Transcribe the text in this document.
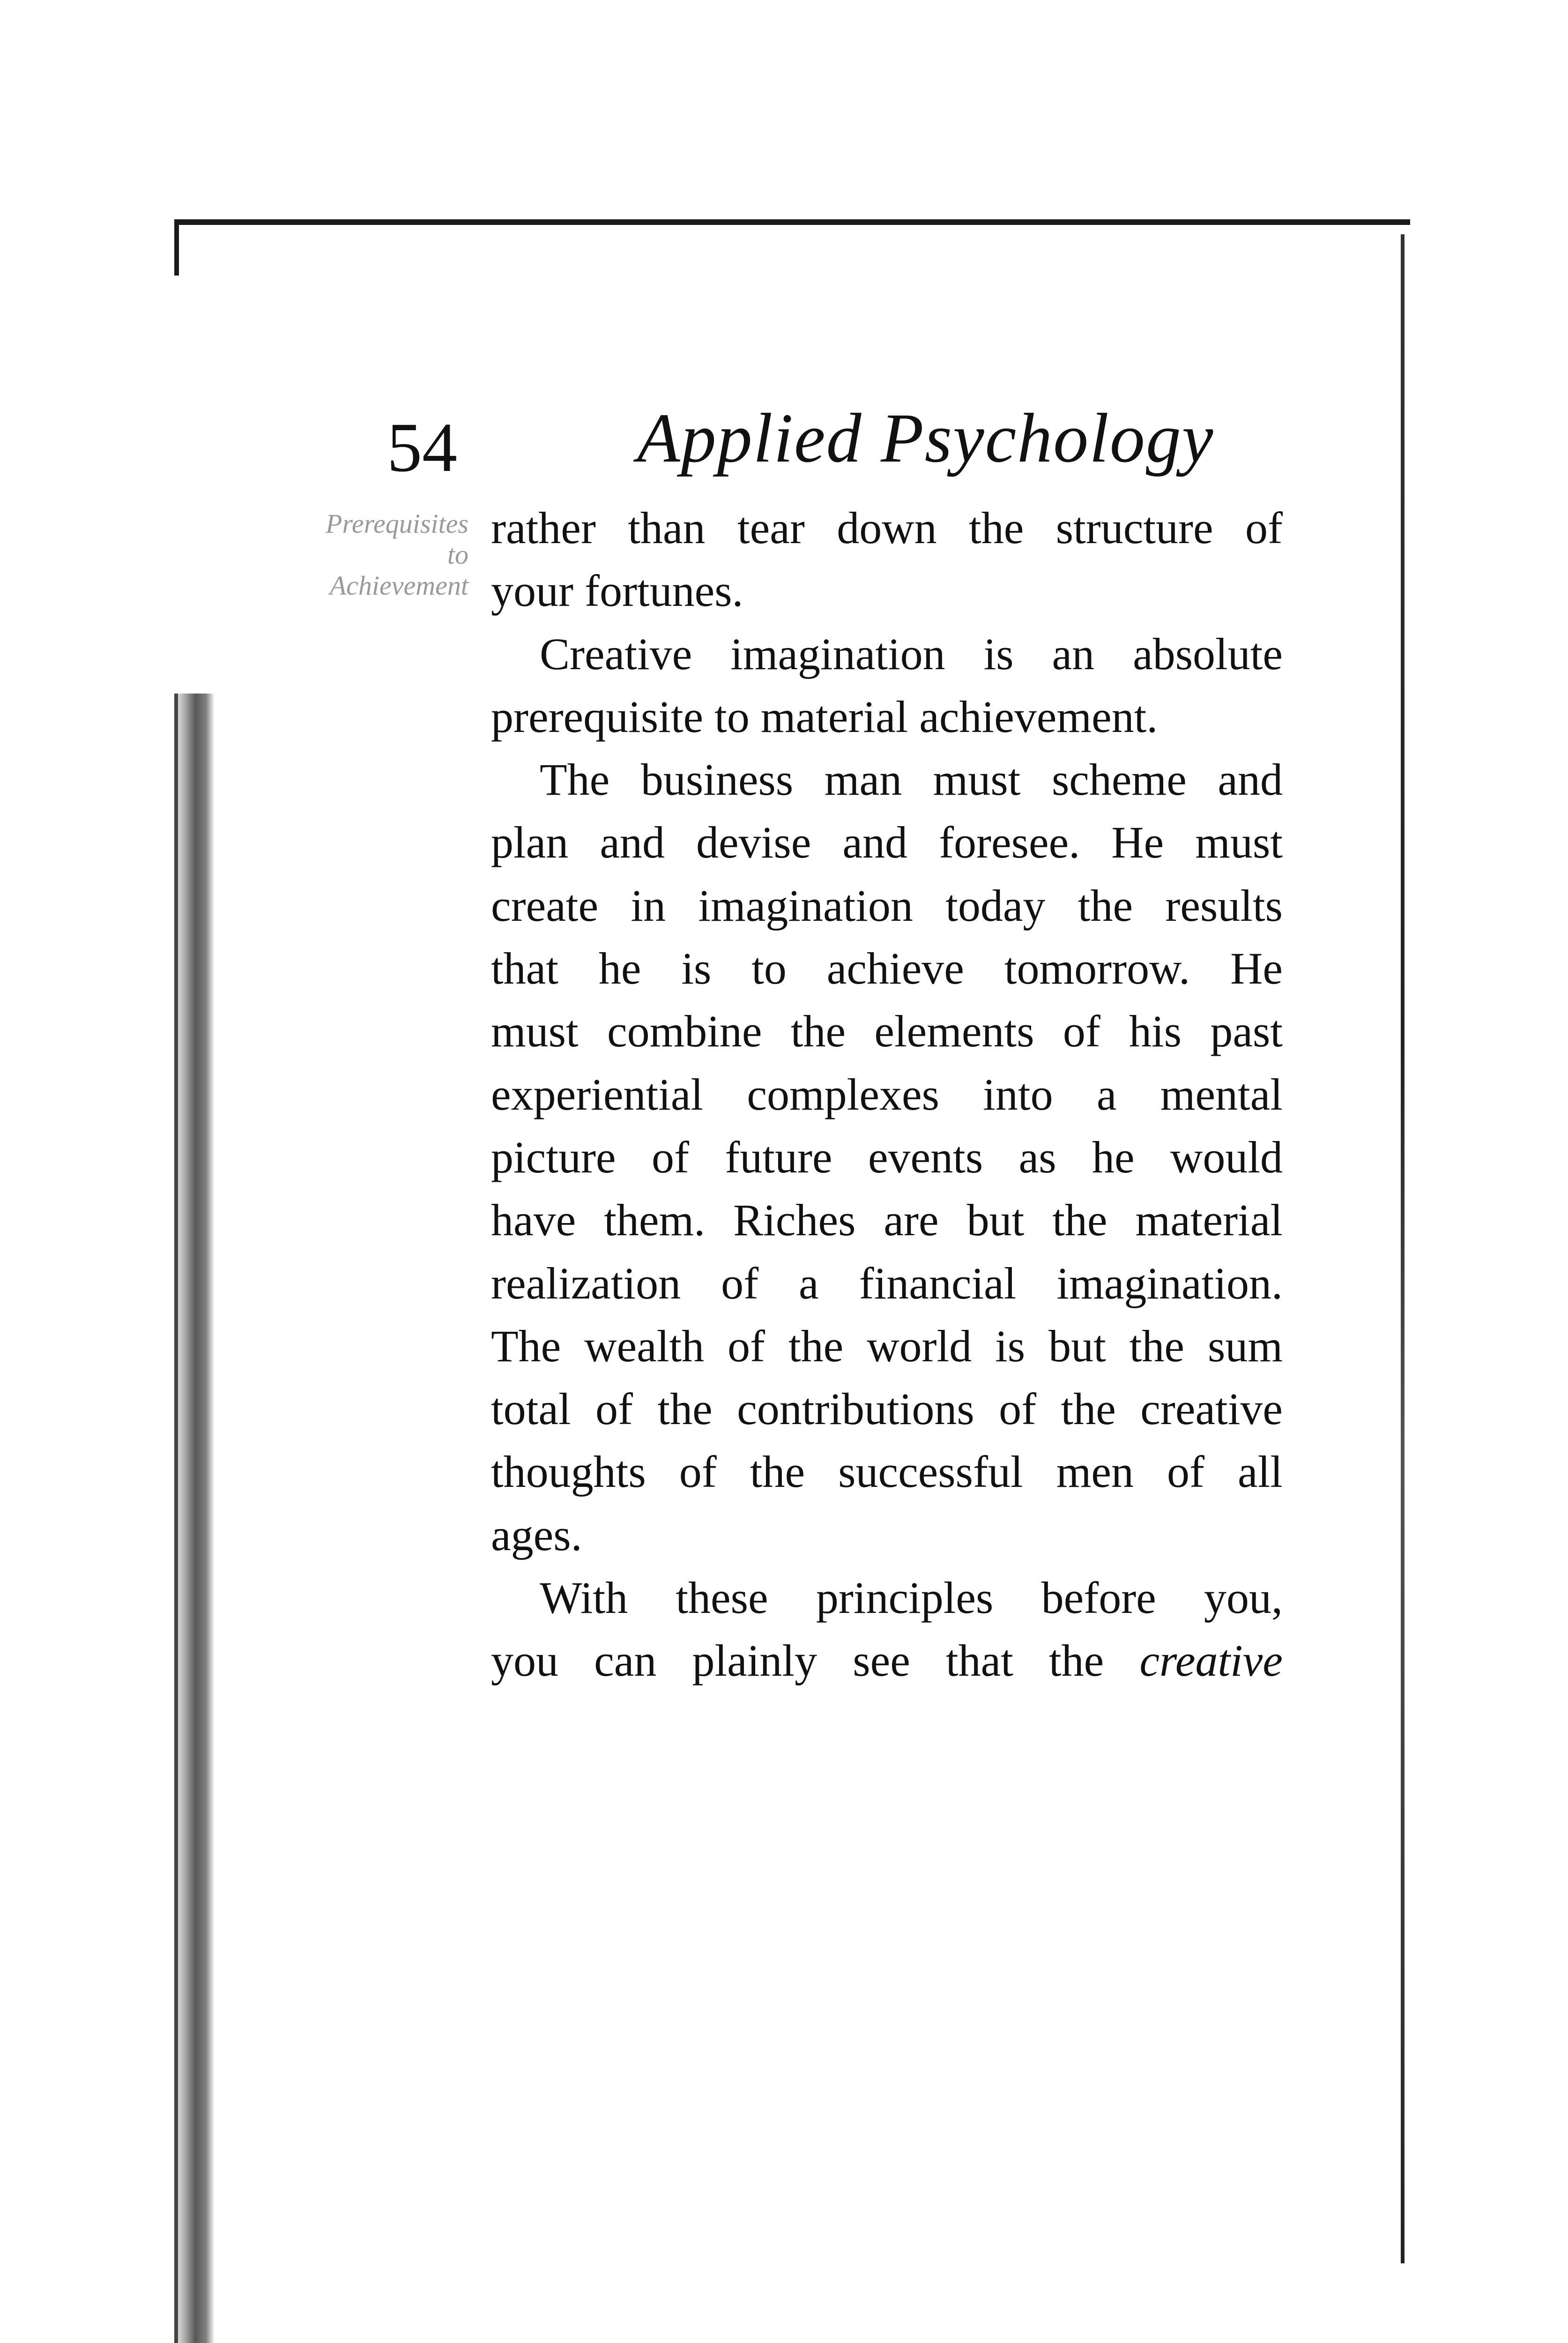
54	Applied Psychology
Prerequisites
to
Achievement
rather than tear down the structure of
your fortunes.
Creative imagination is an absolute
prerequisite to material achievement.
The business man must scheme and
plan and devise and foresee. He must
create in imagination today the results
that he is to achieve tomorrow. He
must combine the elements of his past
experiential complexes into a mental
picture of future events as he would
have them. Riches are but the material
realization of a financial imagination.
The wealth of the world is but the sum
total of the contributions of the creative
thoughts of the successful men of all
ages.
With these principles before you,
you can plainly see that the creative
